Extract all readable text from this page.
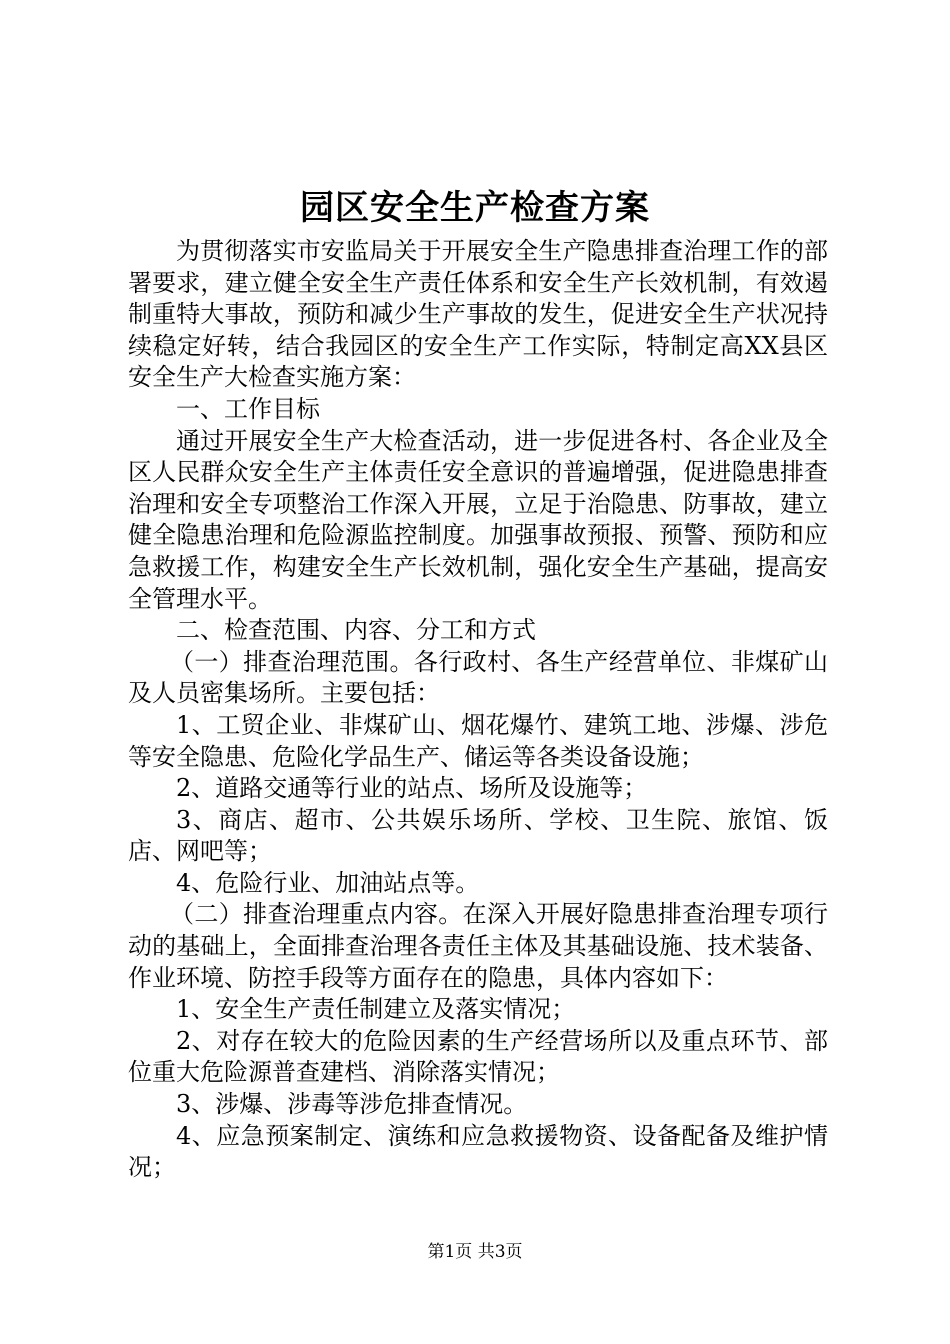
园区安全生产检查方案

为贯彻落实市安监局关于开展安全生产隐患排查治理工作的部署要求，建立健全安全生产责任体系和安全生产长效机制，有效遏制重特大事故，预防和减少生产事故的发生，促进安全生产状况持续稳定好转，结合我园区的安全生产工作实际，特制定高XX县区安全生产大检查实施方案：

一、工作目标

通过开展安全生产大检查活动，进一步促进各村、各企业及全区人民群众安全生产主体责任安全意识的普遍增强，促进隐患排查治理和安全专项整治工作深入开展，立足于治隐患、防事故，建立健全隐患治理和危险源监控制度。加强事故预报、预警、预防和应急救援工作，构建安全生产长效机制，强化安全生产基础，提高安全管理水平。

二、检查范围、内容、分工和方式

（一）排查治理范围。各行政村、各生产经营单位、非煤矿山及人员密集场所。主要包括：

1、工贸企业、非煤矿山、烟花爆竹、建筑工地、涉爆、涉危等安全隐患、危险化学品生产、储运等各类设备设施；

2、道路交通等行业的站点、场所及设施等；

3、商店、超市、公共娱乐场所、学校、卫生院、旅馆、饭店、网吧等；

4、危险行业、加油站点等。

（二）排查治理重点内容。在深入开展好隐患排查治理专项行动的基础上，全面排查治理各责任主体及其基础设施、技术装备、作业环境、防控手段等方面存在的隐患，具体内容如下：

1、安全生产责任制建立及落实情况；

2、对存在较大的危险因素的生产经营场所以及重点环节、部位重大危险源普查建档、消除落实情况；

3、涉爆、涉毒等涉危排查情况。

4、应急预案制定、演练和应急救援物资、设备配备及维护情况；

第1页 共3页
